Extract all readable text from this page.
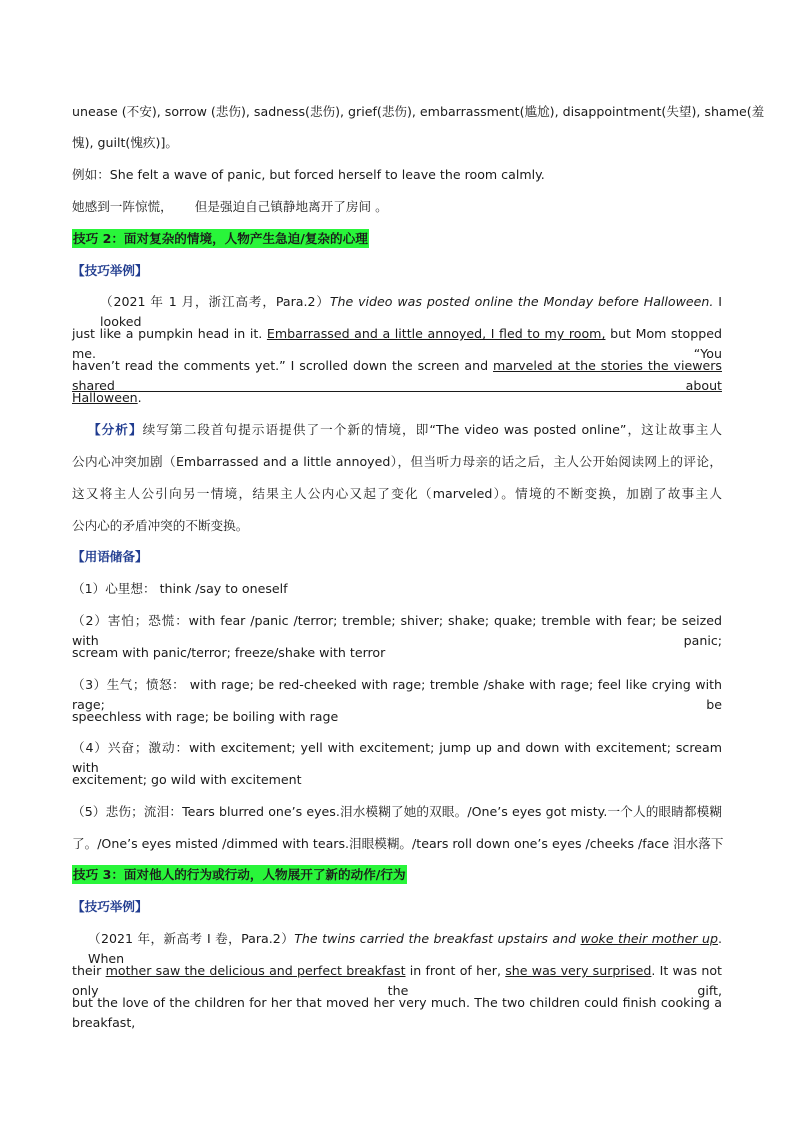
unease (不安), sorrow (悲伤), sadness(悲伤), grief(悲伤), embarrassment(尴尬), disappointment(失望), shame(羞
愧), guilt(愧疚)]。
例如：She felt a wave of panic, but forced herself to leave the room calmly.
她感到一阵惊慌， 但是强迫自己镇静地离开了房间 。
技巧 2：面对复杂的情境，人物产生急迫/复杂的心理
【技巧举例】
（2021 年 1 月，浙江高考，Para.2）The video was posted online the Monday before Halloween. I looked
just like a pumpkin head in it. Embarrassed and a little annoyed, I fled to my room, but Mom stopped me. “You
haven’t read the comments yet.” I scrolled down the screen and marveled at the stories the viewers shared about
Halloween.
【分析】续写第二段首句提示语提供了一个新的情境，即“The video was posted online”，这让故事主人
公内心冲突加剧（Embarrassed and a little annoyed），但当听力母亲的话之后，主人公开始阅读网上的评论，
这又将主人公引向另一情境，结果主人公内心又起了变化（marveled）。情境的不断变换，加剧了故事主人
公内心的矛盾冲突的不断变换。
【用语储备】
（1）心里想： think /say to oneself
（2）害怕；恐慌：with fear /panic /terror; tremble; shiver; shake; quake; tremble with fear; be seized with panic;
scream with panic/terror; freeze/shake with terror
（3）生气；愤怒： with rage; be red-cheeked with rage; tremble /shake with rage; feel like crying with rage; be
speechless with rage; be boiling with rage
（4）兴奋；激动：with excitement; yell with excitement; jump up and down with excitement; scream with
excitement; go wild with excitement
（5）悲伤；流泪：Tears blurred one’s eyes.泪水模糊了她的双眼。/One’s eyes got misty.一个人的眼睛都模糊
了。/One’s eyes misted /dimmed with tears.泪眼模糊。/tears roll down one’s eyes /cheeks /face 泪水落下
技巧 3：面对他人的行为或行动，人物展开了新的动作/行为
【技巧举例】
（2021 年，新高考 I 卷，Para.2）The twins carried the breakfast upstairs and woke their mother up. When
their mother saw the delicious and perfect breakfast in front of her, she was very surprised. It was not only the gift,
but the love of the children for her that moved her very much. The two children could finish cooking a breakfast,
